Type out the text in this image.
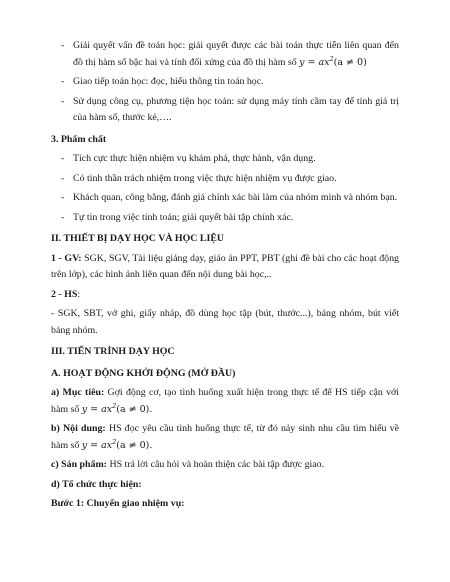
- Giải quyết vấn đề toán học: giải quyết được các bài toán thực tiễn liên quan đến đồ thị hàm số bậc hai và tính đối xứng của đồ thị hàm số $y = ax^2(a \ne 0)$
- Giao tiếp toán học: đọc, hiểu thông tin toán học.
- Sử dụng công cụ, phương tiện học toán: sử dụng máy tính cầm tay để tính giá trị của hàm số, thước kẻ,….
3. Phẩm chất
- Tích cực thực hiện nhiệm vụ khám phá, thực hành, vận dụng.
- Có tinh thần trách nhiệm trong việc thực hiện nhiệm vụ được giao.
- Khách quan, công bằng, đánh giá chính xác bài làm của nhóm mình và nhóm bạn.
- Tự tin trong việc tính toán; giải quyết bài tập chính xác.
II. THIẾT BỊ DẠY HỌC VÀ HỌC LIỆU
1 - GV: SGK, SGV, Tài liệu giảng dạy, giáo án PPT, PBT (ghi đề bài cho các hoạt động trên lớp), các hình ảnh liên quan đến nội dung bài học,..
2 - HS:
- SGK, SBT, vở ghi, giấy nháp, đồ dùng học tập (bút, thước...), bảng nhóm, bút viết bảng nhóm.
III. TIẾN TRÌNH DẠY HỌC
A. HOẠT ĐỘNG KHỞI ĐỘNG (MỞ ĐẦU)
a) Mục tiêu: Gợi động cơ, tạo tình huống xuất hiện trong thực tế để HS tiếp cận với hàm số $y = ax^2(a \ne 0)$.
b) Nội dung: HS đọc yêu cầu tình huống thực tế, từ đó nảy sinh nhu cầu tìm hiểu về hàm số $y = ax^2(a \ne 0)$.
c) Sản phẩm: HS trả lời câu hỏi và hoàn thiện các bài tập được giao.
d) Tổ chức thực hiện:
Bước 1: Chuyển giao nhiệm vụ:
